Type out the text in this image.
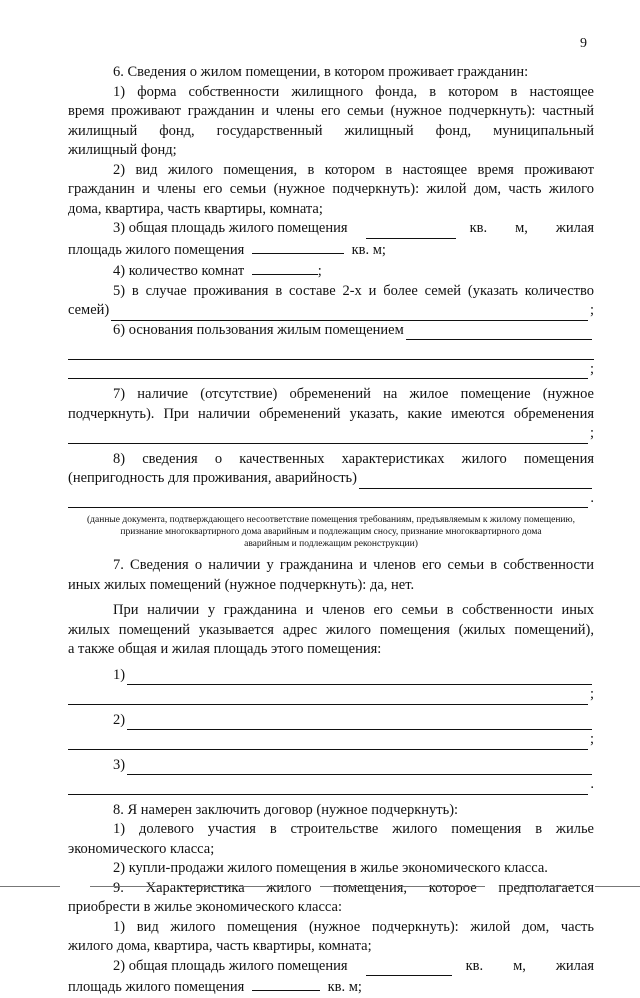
9
6. Сведения о жилом помещении, в котором проживает гражданин:
1) форма собственности жилищного фонда, в котором в настоящее
время проживают гражданин и члены его семьи (нужное подчеркнуть): частный
жилищный фонд, государственный жилищный фонд, муниципальный
жилищный фонд;
2) вид жилого помещения, в котором в настоящее время проживают
гражданин и члены его семьи (нужное подчеркнуть): жилой дом, часть жилого
дома, квартира, часть квартиры, комната;
3) общая площадь жилого помещения	кв. м, жилая
площадь жилого помещения	кв. м;
4) количество комнат	;
5) в случае проживания в составе 2-х и более семей (указать количество
семей)	;
6) основания пользования жилым помещением
;
7) наличие (отсутствие) обременений на жилое помещение (нужное
подчеркнуть). При наличии обременений указать, какие имеются обременения
;
8) сведения о качественных характеристиках жилого помещения
(непригодность для проживания, аварийность)
.
(данные документа, подтверждающего несоответствие помещения требованиям, предъявляемым к жилому помещению,
признание многоквартирного дома аварийным и подлежащим сносу, признание многоквартирного дома
аварийным и подлежащим реконструкции)
7. Сведения о наличии у гражданина и членов его семьи в собственности
иных жилых помещений (нужное подчеркнуть): да, нет.
При наличии у гражданина и членов его семьи в собственности иных
жилых помещений указывается адрес жилого помещения (жилых помещений),
а также общая и жилая площадь этого помещения:
1)
;
2)
;
3)
.
8. Я намерен заключить договор (нужное подчеркнуть):
1) долевого участия в строительстве жилого помещения в жилье
экономического класса;
2) купли-продажи жилого помещения в жилье экономического класса.
9. Характеристика жилого помещения, которое предполагается
приобрести в жилье экономического класса:
1) вид жилого помещения (нужное подчеркнуть): жилой дом, часть
жилого дома, квартира, часть квартиры, комната;
2) общая площадь жилого помещения	кв. м, жилая
площадь жилого помещения	кв. м;
